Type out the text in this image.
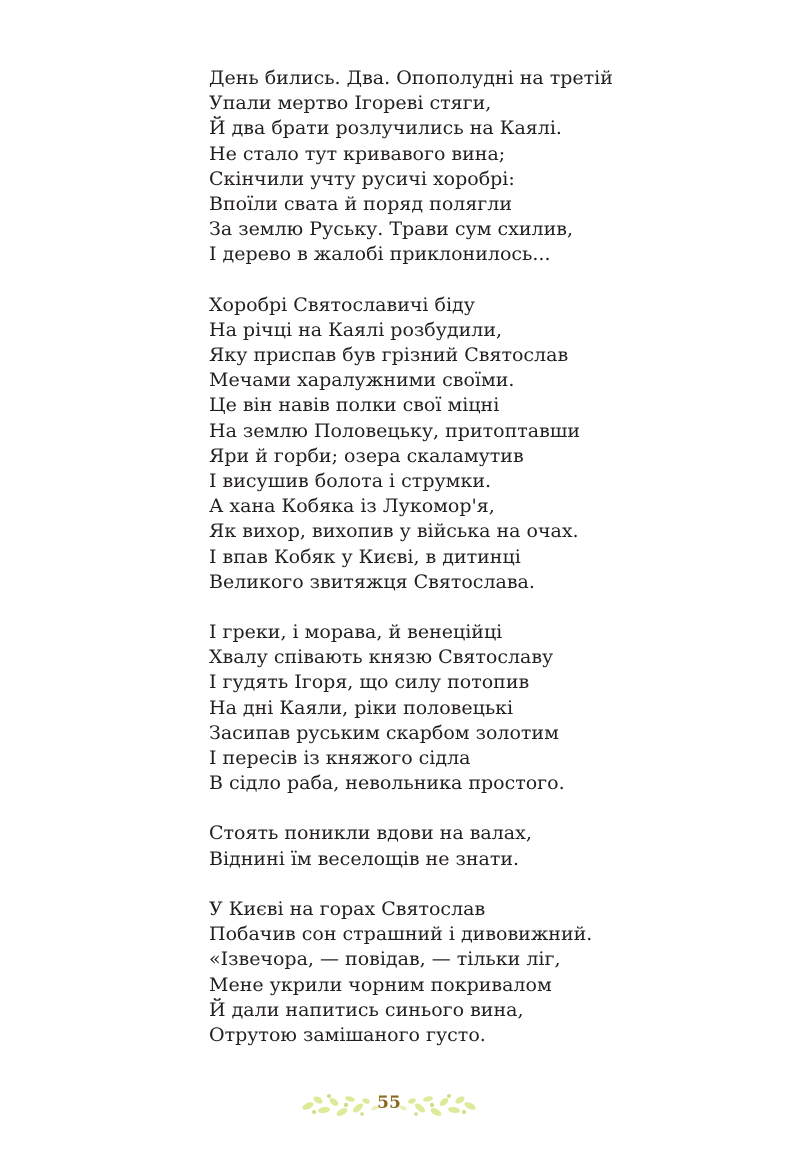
День бились. Два. Опополудні на третій
Упали мертво Ігореві стяги,
Й два брати розлучились на Каялі.
Не стало тут кривавого вина;
Скінчили учту русичі хоробрі:
Впоїли свата й поряд полягли
За землю Руську. Трави сум схилив,
І дерево в жалобі приклонилось...
Хоробрі Святославичі біду
На річці на Каялі розбудили,
Яку приспав був грізний Святослав
Мечами харалужними своїми.
Це він навів полки свої міцні
На землю Половецьку, притоптавши
Яри й горби; озера скаламутив
І висушив болота і струмки.
А хана Кобяка із Лукомор'я,
Як вихор, вихопив у війська на очах.
І впав Кобяк у Києві, в дитинці
Великого звитяжця Святослава.
І греки, і морава, й венеційці
Хвалу співають князю Святославу
І гудять Ігоря, що силу потопив
На дні Каяли, ріки половецькі
Засипав руським скарбом золотим
І пересів із княжого сідла
В сідло раба, невольника простого.
Стоять поникли вдови на валах,
Віднині їм веселощів не знати.
У Києві на горах Святослав
Побачив сон страшний і дивовижний.
«Ізвечора, — повідав, — тільки ліг,
Мене укрили чорним покривалом
Й дали напитись синього вина,
Отрутою замішаного густо.
55
